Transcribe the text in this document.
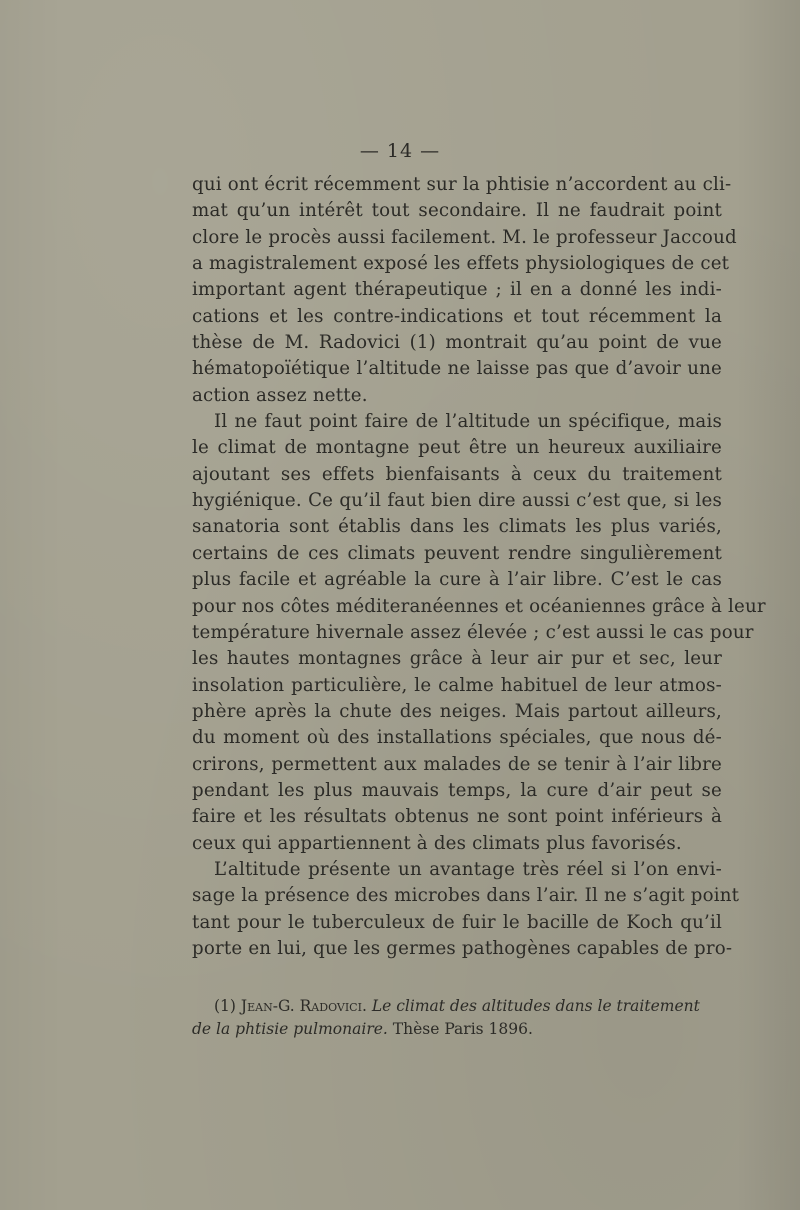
— 14 —
qui ont écrit récemment sur la phtisie n’accordent au cli-
mat qu’un intérêt tout secondaire. Il ne faudrait point
clore le procès aussi facilement. M. le professeur Jaccoud
a magistralement exposé les effets physiologiques de cet
important agent thérapeutique ; il en a donné les indi-
cations et les contre-indications et tout récemment la
thèse de M. Radovici (1) montrait qu’au point de vue
hématopoïétique l’altitude ne laisse pas que d’avoir une
action assez nette.
Il ne faut point faire de l’altitude un spécifique, mais
le climat de montagne peut être un heureux auxiliaire
ajoutant ses effets bienfaisants à ceux du traitement
hygiénique. Ce qu’il faut bien dire aussi c’est que, si les
sanatoria sont établis dans les climats les plus variés,
certains de ces climats peuvent rendre singulièrement
plus facile et agréable la cure à l’air libre. C’est le cas
pour nos côtes méditeranéennes et océaniennes grâce à leur
température hivernale assez élevée ; c’est aussi le cas pour
les hautes montagnes grâce à leur air pur et sec, leur
insolation particulière, le calme habituel de leur atmos-
phère après la chute des neiges. Mais partout ailleurs,
du moment où des installations spéciales, que nous dé-
crirons, permettent aux malades de se tenir à l’air libre
pendant les plus mauvais temps, la cure d’air peut se
faire et les résultats obtenus ne sont point inférieurs à
ceux qui appartiennent à des climats plus favorisés.
L’altitude présente un avantage très réel si l’on envi-
sage la présence des microbes dans l’air. Il ne s’agit point
tant pour le tuberculeux de fuir le bacille de Koch qu’il
porte en lui, que les germes pathogènes capables de pro-
(1) Jean-G. Radovici. Le climat des altitudes dans le traitement
de la phtisie pulmonaire. Thèse Paris 1896.
